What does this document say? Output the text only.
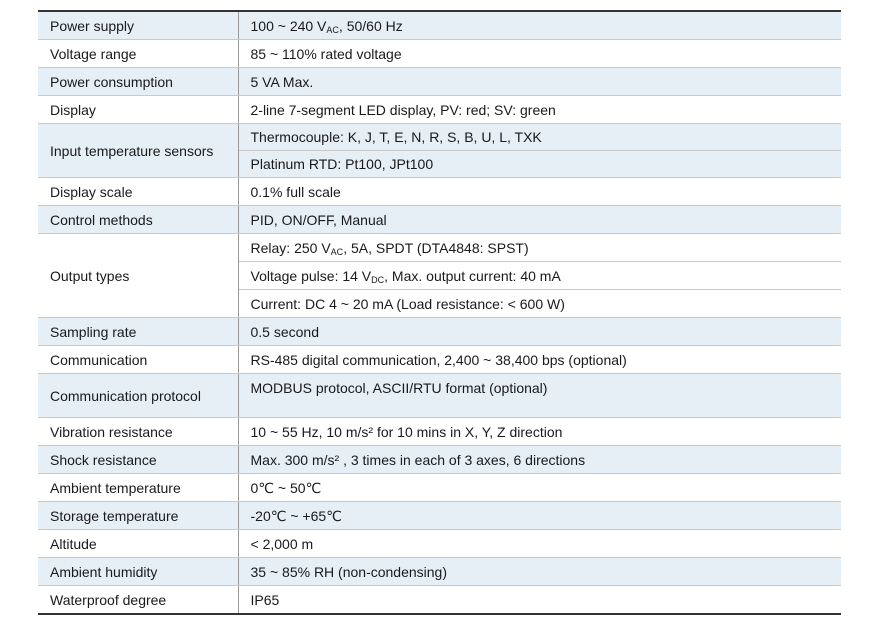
Power supply	100 ~ 240 $V_{AC}$, 50/60 Hz
Voltage range	85 ~ 110% rated voltage
Power consumption	5 VA Max.
Display	2-line 7-segment LED display, PV: red; SV: green
Input temperature sensors	Thermocouple: K, J, T, E, N, R, S, B, U, L, TXK
	Platinum RTD: Pt100, JPt100
Display scale	0.1% full scale
Control methods	PID, ON/OFF, Manual
Output types	Relay: 250 $V_{AC}$, 5A, SPDT (DTA4848: SPST)
	Voltage pulse: 14 $V_{DC}$, Max. output current: 40 mA
	Current: DC 4 ~ 20 mA (Load resistance: < 600 W)
Sampling rate	0.5 second
Communication	RS-485 digital communication, 2,400 ~ 38,400 bps (optional)
Communication protocol	MODBUS protocol, ASCII/RTU format (optional)
Vibration resistance	10 ~ 55 Hz, 10 m/s² for 10 mins in X, Y, Z direction
Shock resistance	Max. 300 m/s² , 3 times in each of 3 axes, 6 directions
Ambient temperature	0℃ ~ 50℃
Storage temperature	-20℃ ~ +65℃
Altitude	< 2,000 m
Ambient humidity	35 ~ 85% RH (non-condensing)
Waterproof degree	IP65
